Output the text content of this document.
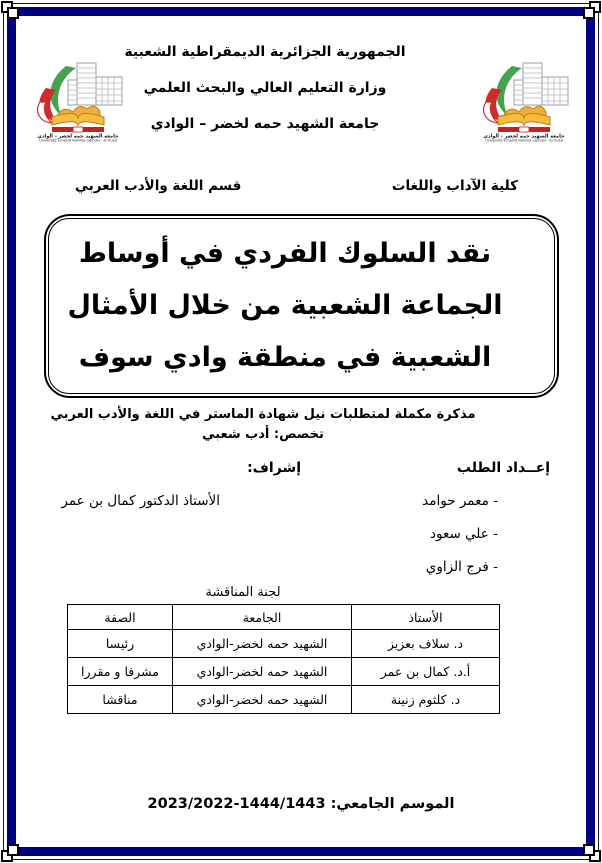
جامعة الشهيد حمه لخضر - الوادي
Université Echahid Hamma Lakhdar - El Oued
جامعة الشهيد حمه لخضر - الوادي
Université Echahid Hamma Lakhdar - El Oued
الجمهورية الجزائرية الديمقراطية الشعبية
وزارة التعليم العالي والبحث العلمي
جامعة الشهيد حمه لخضر – الوادي
كلية الآداب واللغات
قسم اللغة والأدب العربي
نقد السلوك الفردي في أوساط
الجماعة الشعبية من خلال الأمثال
الشعبية في منطقة وادي سوف
مذكرة مكملة لمتطلبات نيل شهادة الماستر في اللغة والأدب العربي
تخصص: أدب شعبي
إعــداد الطلب
إشراف:
- معمر حوامد
- علي سعود
- فرج الزاوي
الأستاذ الدكتور كمال بن عمر
لجنة المناقشة
الأستاذ	الجامعة	الصفة
د. سلاف بعزيز	الشهيد حمه لخضر-الوادي	رئيسا
أ.د. كمال بن عمر	الشهيد حمه لخضر-الوادي	مشرفا و مقررا
د. كلثوم زنينة	الشهيد حمه لخضر-الوادي	مناقشا
الموسم الجامعي: 2023/2022-1444/1443
